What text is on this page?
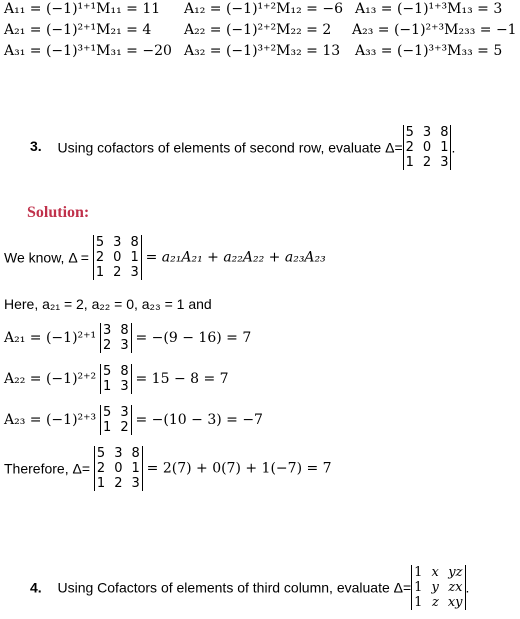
A₁₁ = (−1)¹⁺¹M₁₁ = 11 A₁₂ = (−1)¹⁺²M₁₂ = −6 A₁₃ = (−1)¹⁺³M₁₃ = 3
A₂₁ = (−1)²⁺¹M₂₁ = 4 A₂₂ = (−1)²⁺²M₂₂ = 2 A₂₃ = (−1)²⁺³M₂₃₃ = −1
A₃₁ = (−1)³⁺¹M₃₁ = −20 A₃₂ = (−1)³⁺²M₃₂ = 13 A₃₃ = (−1)³⁺³M₃₃ = 5
3. Using cofactors of elements of second row, evaluate Δ=
5 3 8
2 0 1
1 2 3
.
Solution:
We know, Δ =
5 3 8
2 0 1
1 2 3
= a₂₁A₂₁ + a₂₂A₂₂ + a₂₃A₂₃
Here, a₂₁ = 2, a₂₂ = 0, a₂₃ = 1 and
A₂₁ = (−1)²⁺¹ 3 8
2 3 = −(9 − 16) = 7
A₂₂ = (−1)²⁺² 5 8
1 3 = 15 − 8 = 7
A₂₃ = (−1)²⁺³ 5 3
1 2 = −(10 − 3) = −7
Therefore, Δ=
5 3 8
2 0 1
1 2 3
= 2(7) + 0(7) + 1(−7) = 7
4. Using Cofactors of elements of third column, evaluate Δ=
1 x yz
1 y zx
1 z xy
.
